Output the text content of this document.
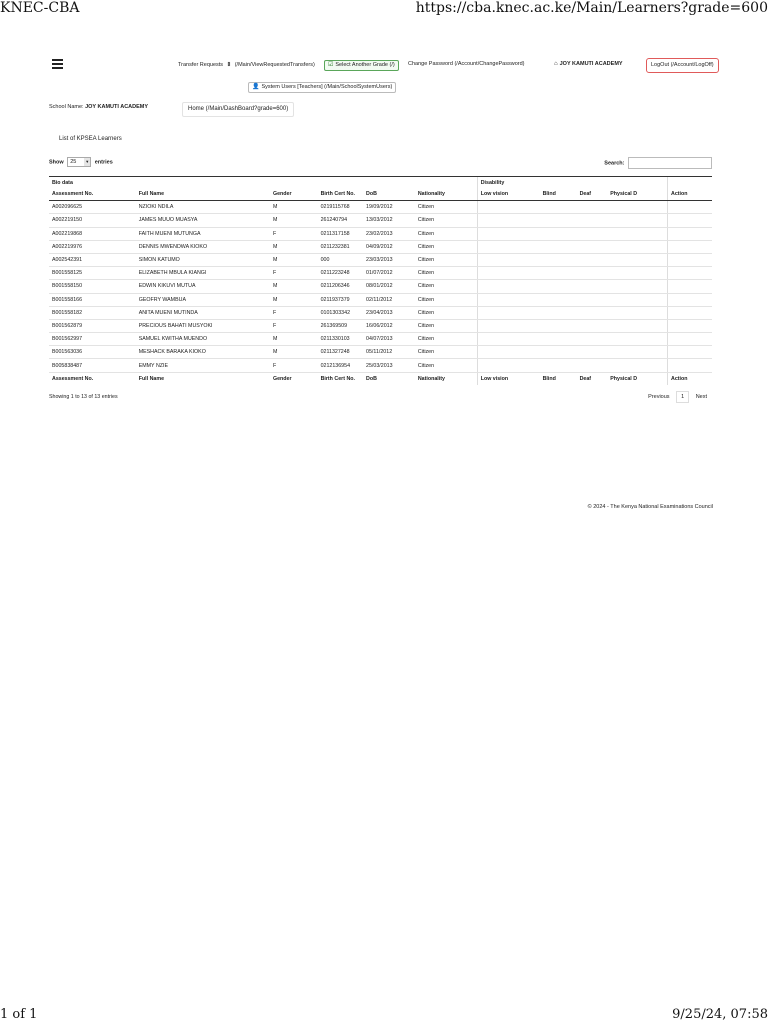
KNEC-CBA	https://cba.knec.ac.ke/Main/Learners?grade=600
Transfer Requests ⇕ (/Main/ViewRequestedTransfers)	☑ Select Another Grade (/)	Change Password (/Account/ChangePassword)	⌂ JOY KAMUTI ACADEMY	LogOut (/Account/LogOff)
👤 System Users [Teachers] (/Main/SchoolSystemUsers)
School Name: JOY KAMUTI ACADEMY	Home (/Main/DashBoard?grade=600)
List of KPSEA Learners
Show 25 ▼ entries	Search:
Bio data						Disability				
Assessment No.	Full Name	Gender	Birth Cert No.	DoB	Nationality	Low vision	Blind	Deaf	Physical D	Action
A002096625	NZIOKI NDILA	M	0219115768	19/09/2012	Citizen					
A002219150	JAMES MUUO MUASYA	M	261240794	13/03/2012	Citizen					
A002219868	FAITH MUENI MUTUNGA	F	0211317158	23/02/2013	Citizen					
A002219976	DENNIS MWENDWA KIOKO	M	0211232381	04/09/2012	Citizen					
A002542391	SIMON KATUMO	M	000	23/03/2013	Citizen					
B001558125	ELIZABETH MBULA KIANGI	F	0211223248	01/07/2012	Citizen					
B001558150	EDWIN KIKUVI MUTUA	M	0211206346	08/01/2012	Citizen					
B001558166	GEOFRY WAMBUA	M	0211937379	02/11/2012	Citizen					
B001558182	ANITA MUENI MUTINDA	F	0101303342	23/04/2013	Citizen					
B001562879	PRECIOUS BAHATI MUSYOKI	F	261369509	16/06/2012	Citizen					
B001562997	SAMUEL KWITHA MUENDO	M	0211330103	04/07/2013	Citizen					
B001563036	MESHACK BARAKA KIOKO	M	0211327248	05/11/2012	Citizen					
B005838487	EMMY NZIE	F	0212136954	25/03/2013	Citizen					
Assessment No.	Full Name	Gender	Birth Cert No.	DoB	Nationality	Low vision	Blind	Deaf	Physical D	Action
Showing 1 to 13 of 13 entries	Previous 1 Next
© 2024 - The Kenya National Examinations Council
1 of 1	9/25/24, 07:58
